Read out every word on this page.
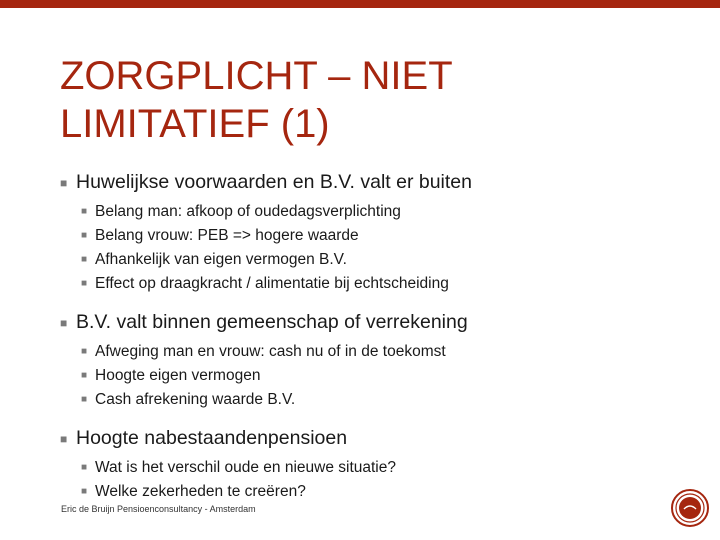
ZORGPLICHT – NIET
LIMITATIEF (1)
■ Huwelijkse voorwaarden en B.V. valt er buiten
■ Belang man: afkoop of oudedagsverplichting
■ Belang vrouw: PEB => hogere waarde
■ Afhankelijk van eigen vermogen B.V.
■ Effect op draagkracht / alimentatie bij echtscheiding
■ B.V. valt binnen gemeenschap of verrekening
■ Afweging man en vrouw: cash nu of in de toekomst
■ Hoogte eigen vermogen
■ Cash afrekening waarde B.V.
■ Hoogte nabestaandenpensioen
■ Wat is het verschil oude en nieuwe situatie?
■ Welke zekerheden te creëren?
Eric de Bruijn Pensioenconsultancy - Amsterdam
